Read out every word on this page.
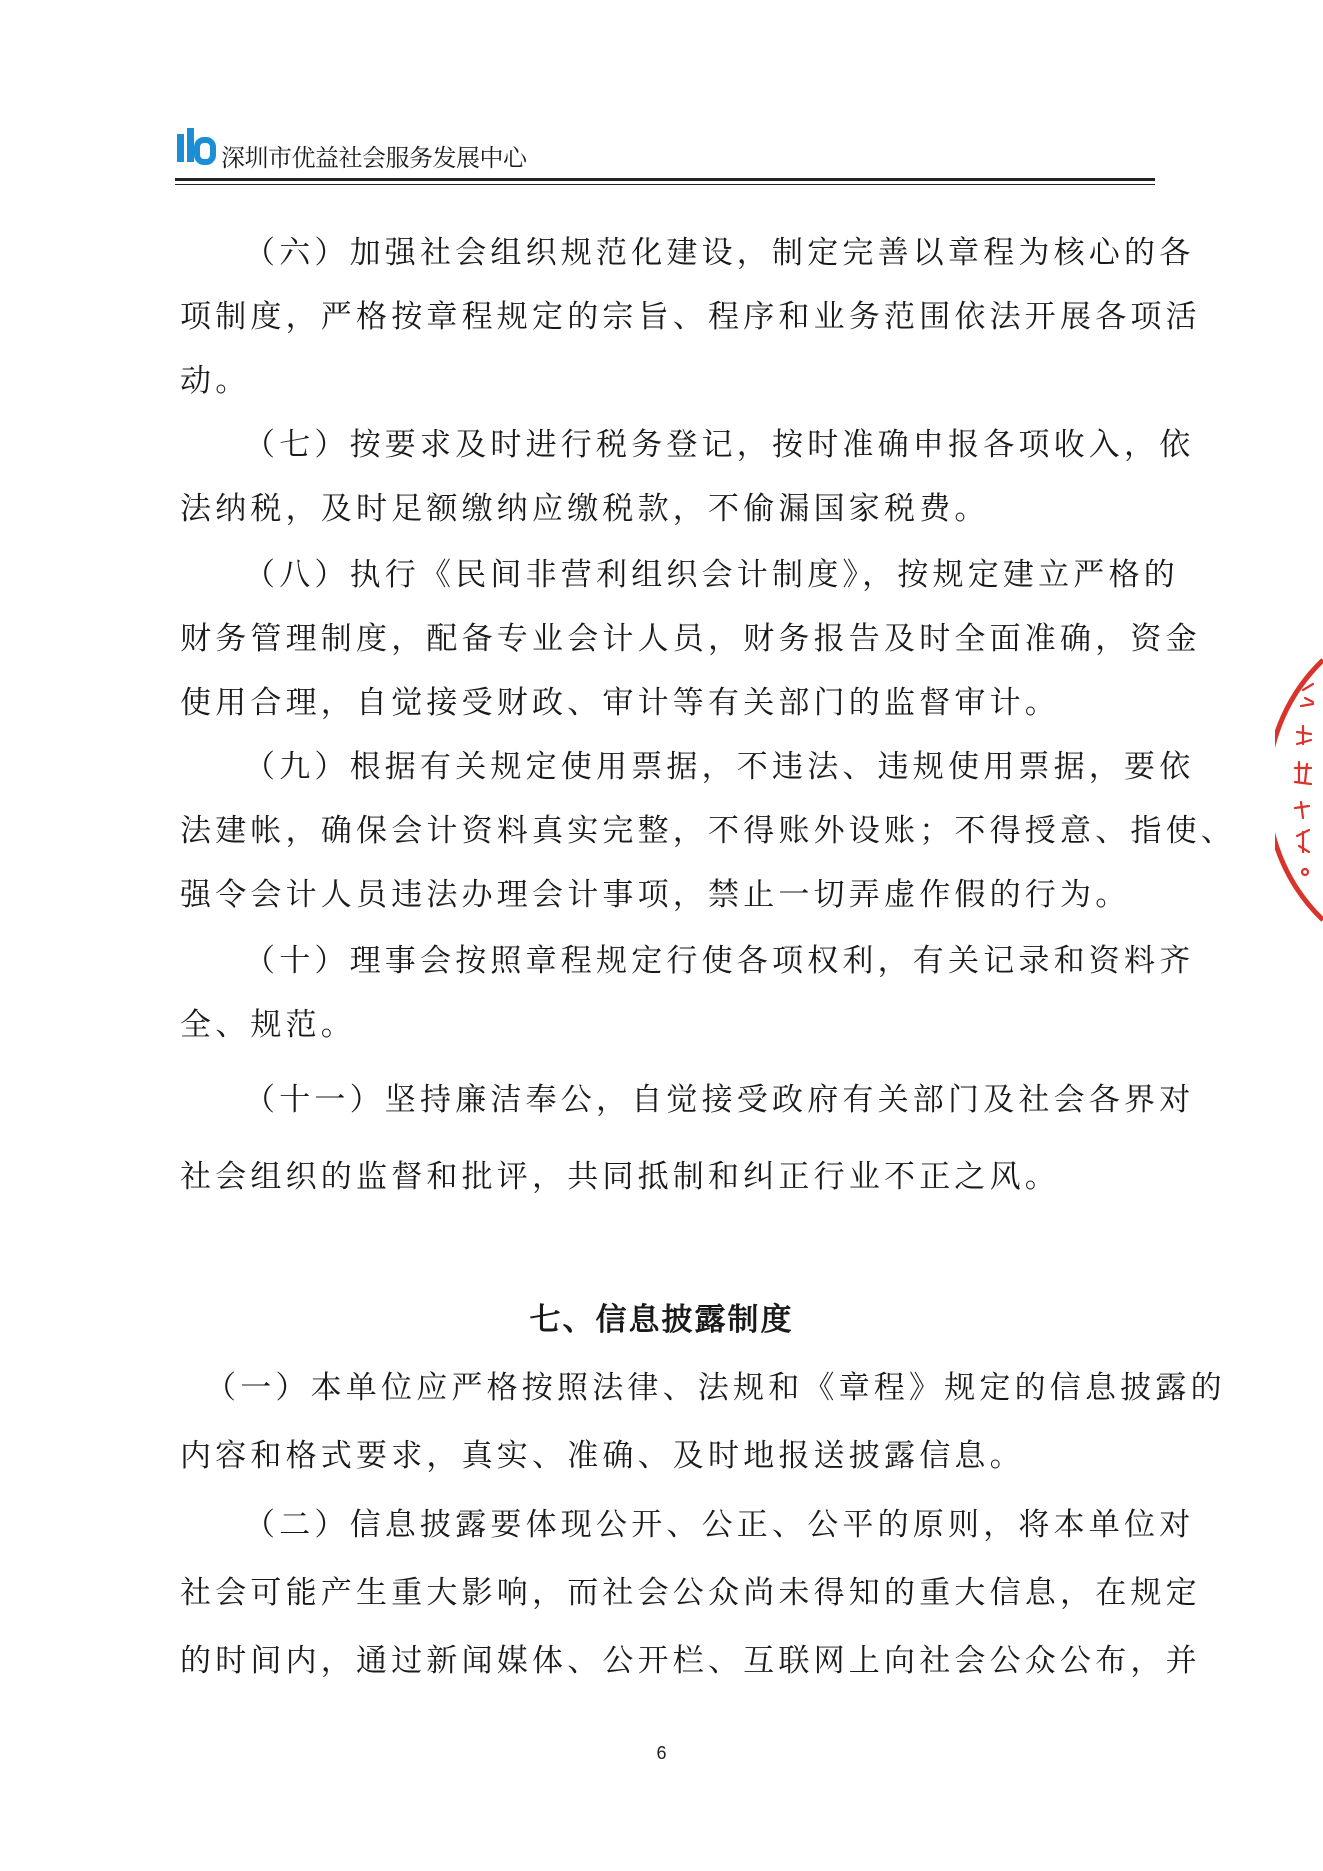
深圳市优益社会服务发展中心
（六）加强社会组织规范化建设，制定完善以章程为核心的各
项制度，严格按章程规定的宗旨、程序和业务范围依法开展各项活
动。
（七）按要求及时进行税务登记，按时准确申报各项收入，依
法纳税，及时足额缴纳应缴税款，不偷漏国家税费。
（八）执行《民间非营利组织会计制度》，按规定建立严格的
财务管理制度，配备专业会计人员，财务报告及时全面准确，资金
使用合理，自觉接受财政、审计等有关部门的监督审计。
（九）根据有关规定使用票据，不违法、违规使用票据，要依
法建帐，确保会计资料真实完整，不得账外设账；不得授意、指使、
强令会计人员违法办理会计事项，禁止一切弄虚作假的行为。
（十）理事会按照章程规定行使各项权利，有关记录和资料齐
全、规范。
（十一）坚持廉洁奉公，自觉接受政府有关部门及社会各界对
社会组织的监督和批评，共同抵制和纠正行业不正之风。
七、信息披露制度
（一）本单位应严格按照法律、法规和《章程》规定的信息披露的
内容和格式要求，真实、准确、及时地报送披露信息。
（二）信息披露要体现公开、公正、公平的原则，将本单位对
社会可能产生重大影响，而社会公众尚未得知的重大信息，在规定
的时间内，通过新闻媒体、公开栏、互联网上向社会公众公布，并
6
